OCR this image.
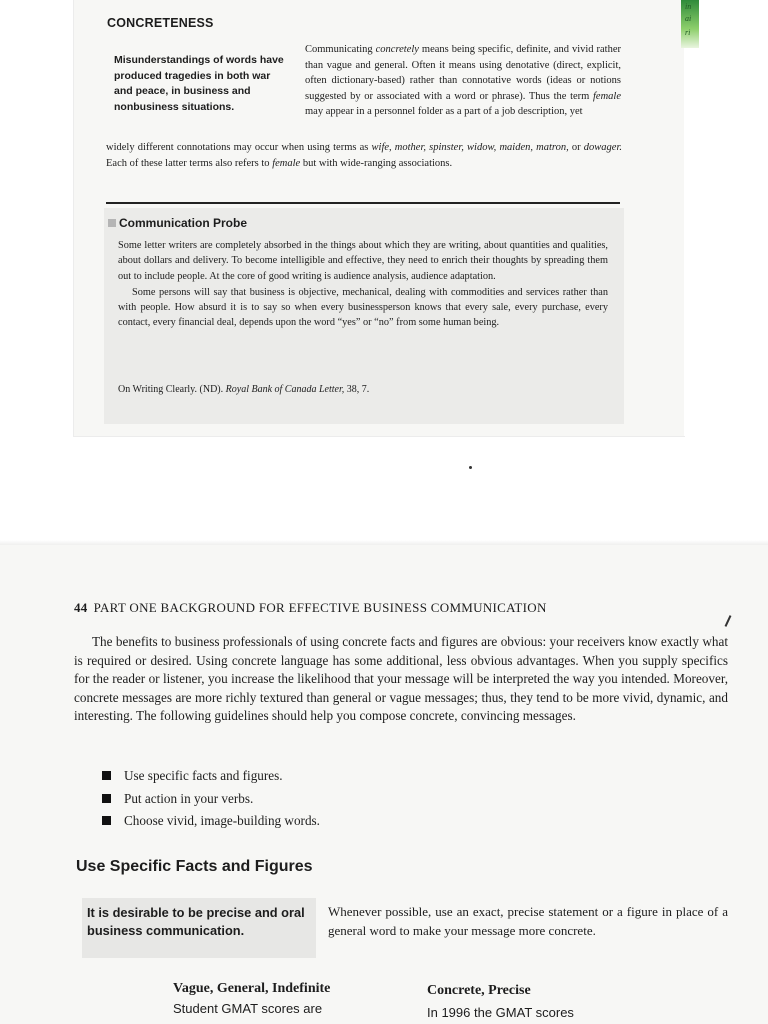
in
ai
ri
CONCRETENESS
Misunderstandings of words have produced tragedies in both war and peace, in business and nonbusiness situations.
Communicating concretely means being specific, definite, and vivid rather than vague and general. Often it means using denotative (direct, explicit, often dictionary-based) rather than connotative words (ideas or notions suggested by or associated with a word or phrase). Thus the term female may appear in a personnel folder as a part of a job description, yet
widely different connotations may occur when using terms as wife, mother, spinster, widow, maiden, matron, or dowager. Each of these latter terms also refers to female but with wide-ranging associations.
Communication Probe

Some letter writers are completely absorbed in the things about which they are writing, about quantities and qualities, about dollars and delivery. To become intelligible and effective, they need to enrich their thoughts by spreading them out to include people. At the core of good writing is audience analysis, audience adaptation.

Some persons will say that business is objective, mechanical, dealing with commodities and services rather than with people. How absurd it is to say so when every businessperson knows that every sale, every purchase, every contact, every financial deal, depends upon the word “yes” or “no” from some human being.

On Writing Clearly. (ND). Royal Bank of Canada Letter, 38, 7.
44 PART ONE BACKGROUND FOR EFFECTIVE BUSINESS COMMUNICATION
The benefits to business professionals of using concrete facts and figures are obvious: your receivers know exactly what is required or desired. Using concrete language has some additional, less obvious advantages. When you supply specifics for the reader or listener, you increase the likelihood that your message will be interpreted the way you intended. Moreover, concrete messages are more richly textured than general or vague messages; thus, they tend to be more vivid, dynamic, and interesting. The following guidelines should help you compose concrete, convincing messages.
Use specific facts and figures.
Put action in your verbs.
Choose vivid, image-building words.
Use Specific Facts and Figures
It is desirable to be precise and oral business communication.
Whenever possible, use an exact, precise statement or a figure in place of a general word to make your message more concrete.
Vague, General, Indefinite	Concrete, Precise
Student GMAT scores are	In 1996 the GMAT scores
